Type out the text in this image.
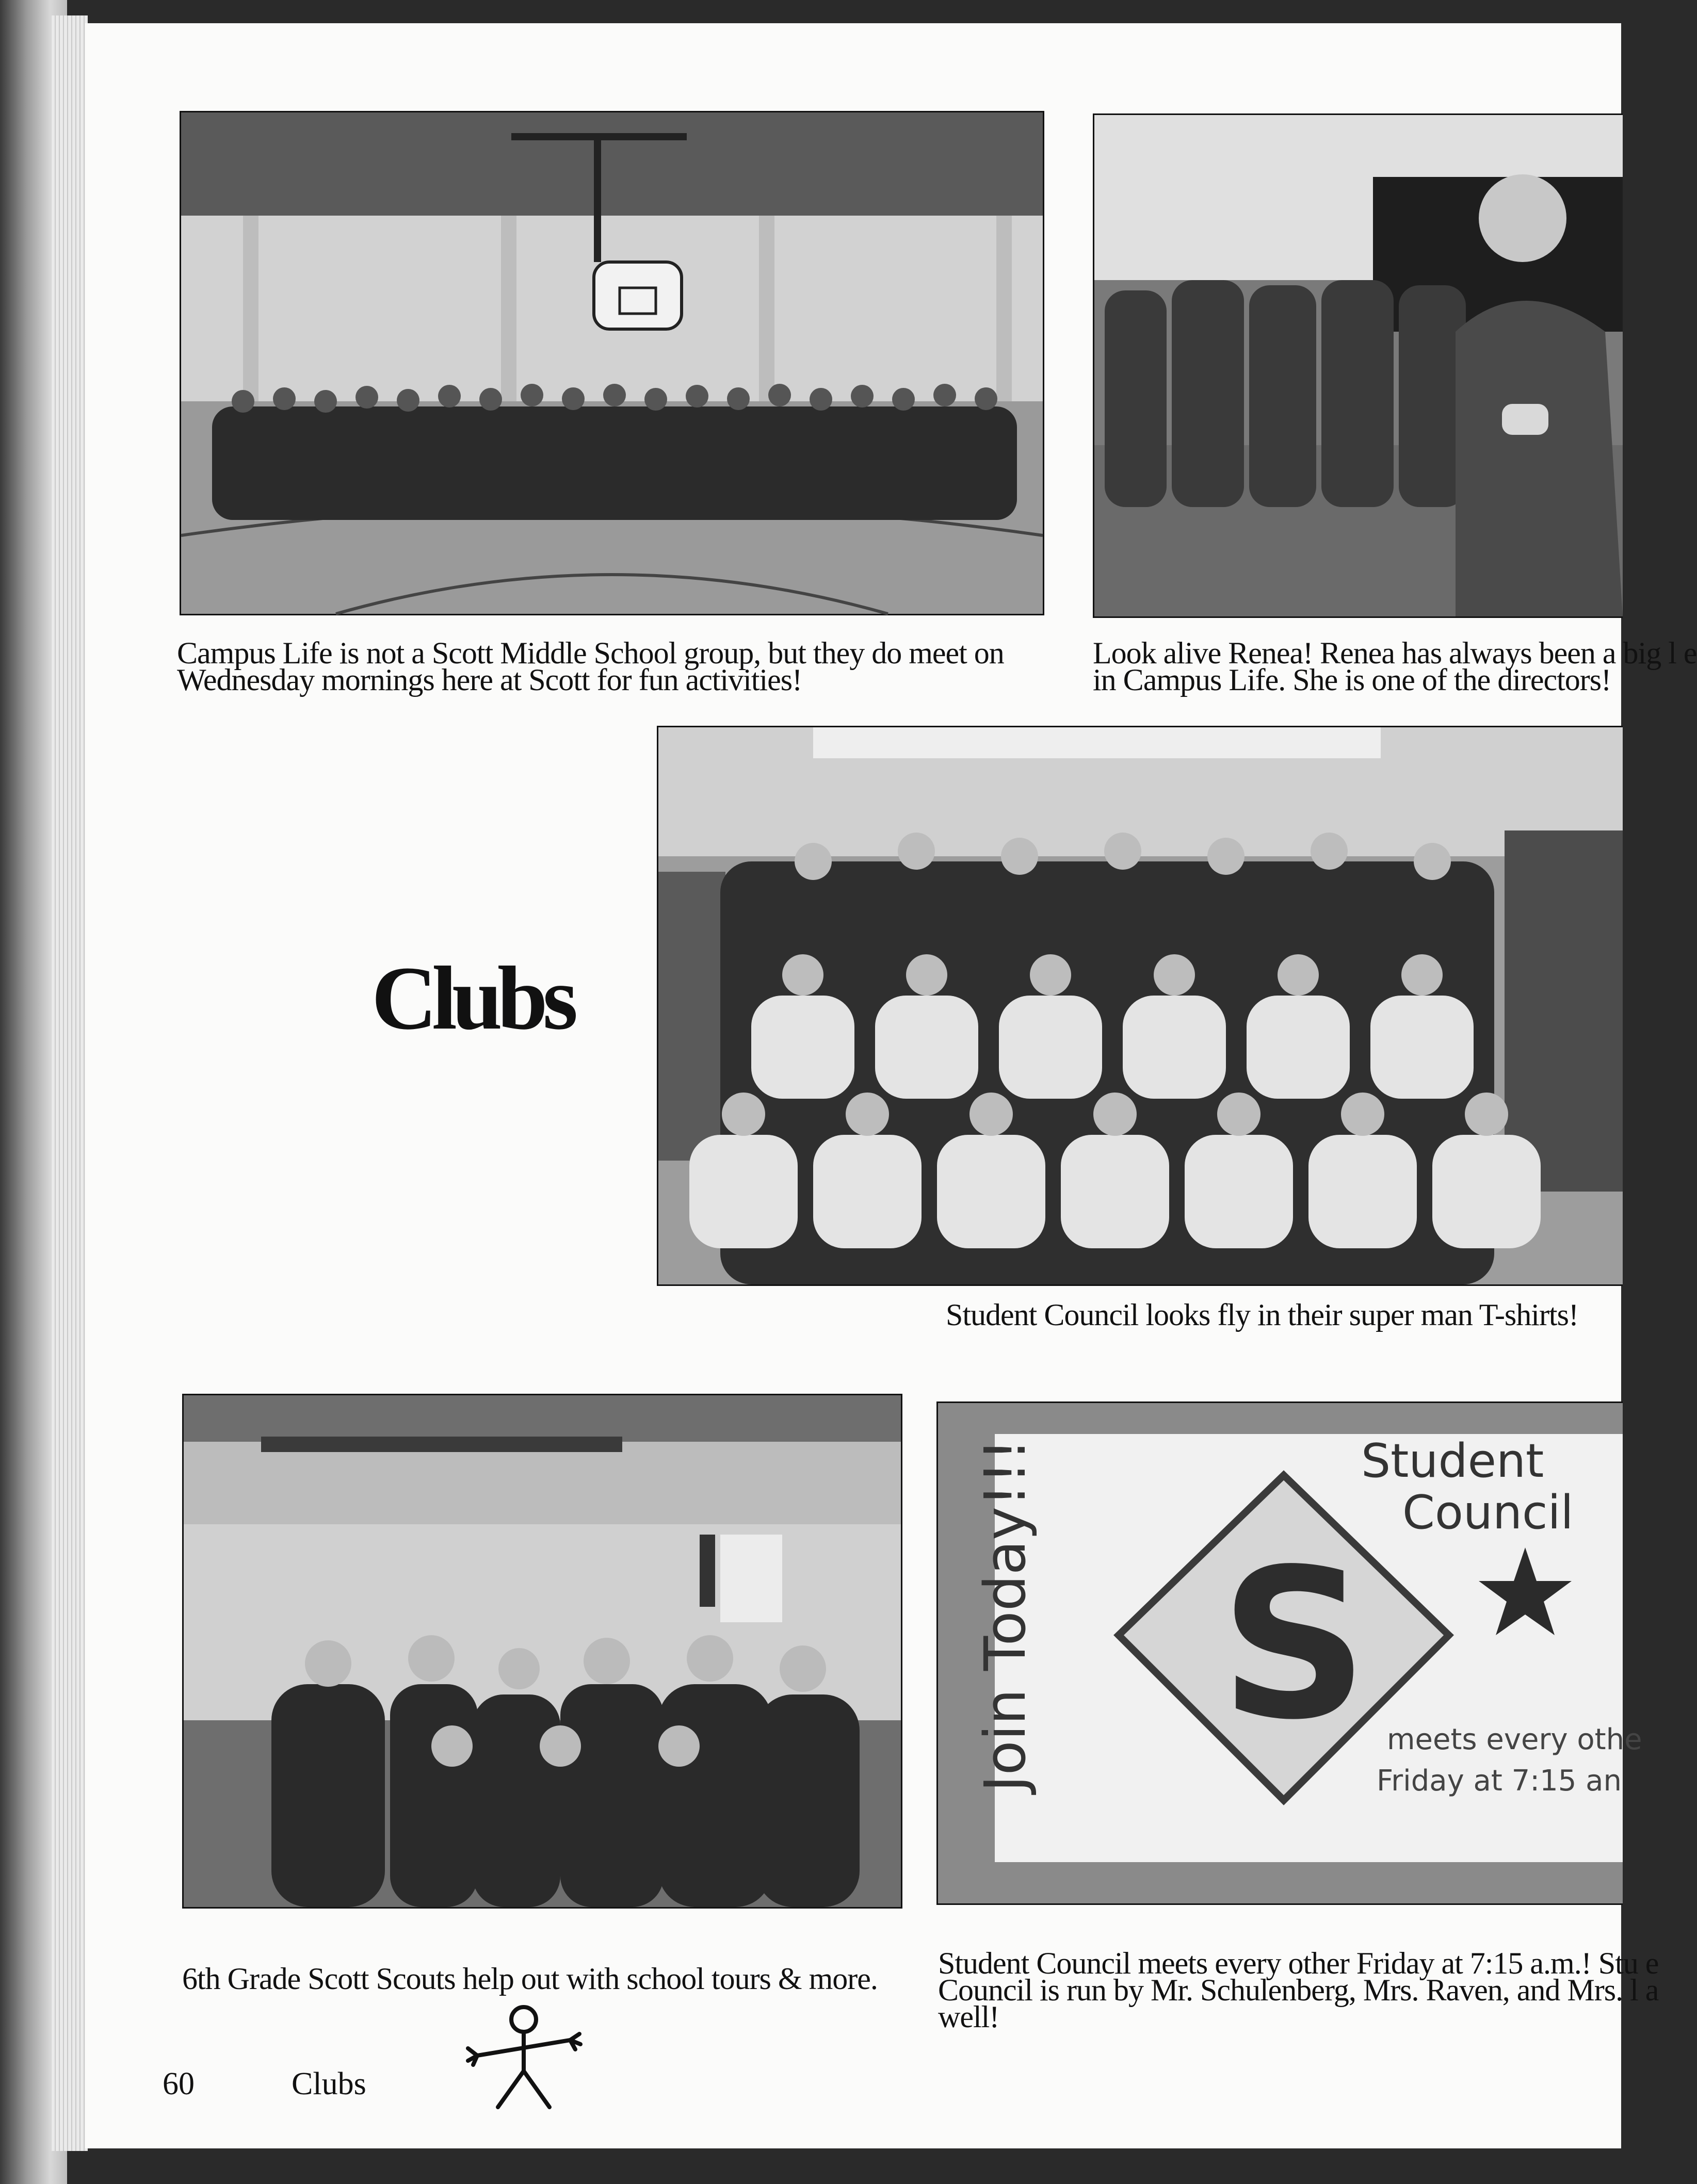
Campus Life is not a Scott Middle School group, but they do meet on
Wednesday mornings here at Scott for fun activities!

Look alive Renea! Renea has always been a big l e
in Campus Life. She is one of the directors!

Clubs

Student Council looks fly in their super man T-shirts!

S
Student
Council
Join Today!!!	meets every othe
Friday at 7:15 an

6th Grade Scott Scouts help out with school tours & more.	Student Council meets every other Friday at 7:15 a.m.! Stu e
Council is run by Mr. Schulenberg, Mrs. Raven, and Mrs. l a
well!

60	Clubs
